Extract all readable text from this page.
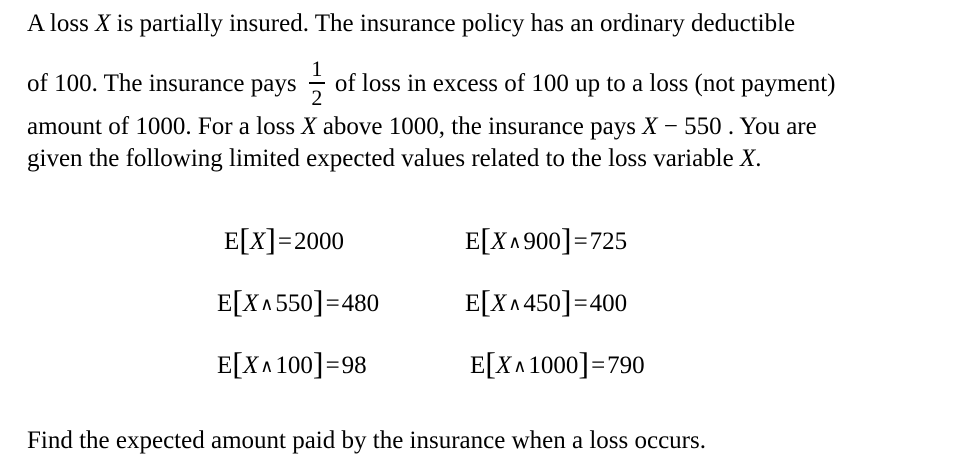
A loss X is partially insured. The insurance policy has an ordinary deductible
of 100. The insurance pays $\frac{1}{2}$ of loss in excess of 100 up to a loss (not payment)
amount of 1000. For a loss X above 1000, the insurance pays X − 550 . You are
given the following limited expected values related to the loss variable X.
E[X]=2000	E[X ∧900]=725
E[X ∧550]=480	E[X ∧450]=400
E[X ∧100]=98	E[X ∧1000]=790
Find the expected amount paid by the insurance when a loss occurs.
